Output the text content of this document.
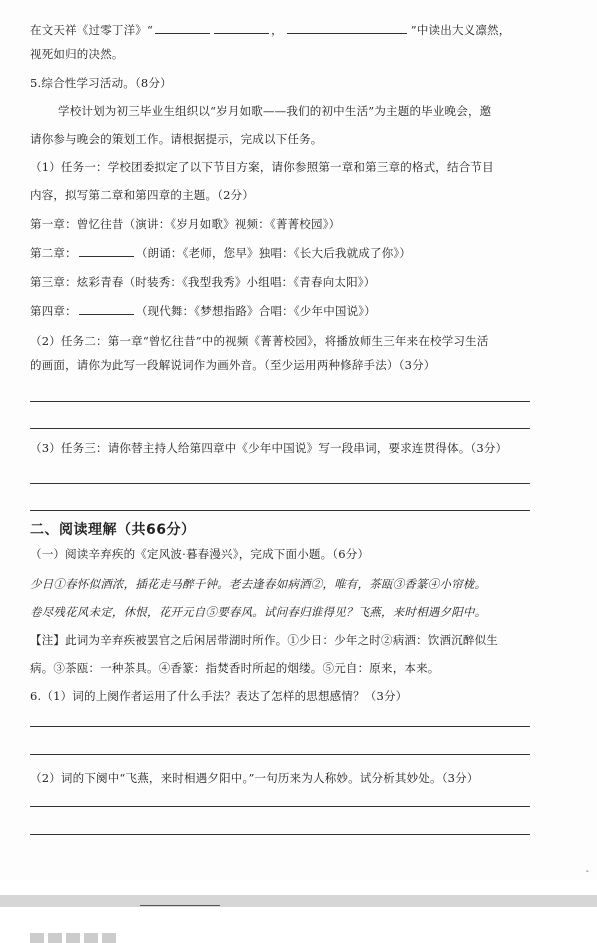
在文天祥《过零丁洋》“	，	”中读出大义凛然，
视死如归的决然。
5.综合性学习活动。（8分）
学校计划为初三毕业生组织以“岁月如歌——我们的初中生活”为主题的毕业晚会，邀
请你参与晚会的策划工作。请根据提示，完成以下任务。
（1）任务一：学校团委拟定了以下节目方案，请你参照第一章和第三章的格式，结合节目
内容，拟写第二章和第四章的主题。（2分）
第一章：曾忆往昔（演讲：《岁月如歌》视频：《菁菁校园》）
第二章：	（朗诵：《老师，您早》独唱：《长大后我就成了你》）
第三章：炫彩青春（时装秀：《我型我秀》小组唱：《青春向太阳》）
第四章：	（现代舞：《梦想指路》合唱：《少年中国说》）
（2）任务二：第一章“曾忆往昔”中的视频《菁菁校园》，将播放师生三年来在校学习生活
的画面，请你为此写一段解说词作为画外音。（至少运用两种修辞手法）（3分）
（3）任务三：请你替主持人给第四章中《少年中国说》写一段串词，要求连贯得体。（3分）
二、阅读理解（共66分）
（一）阅读辛弃疾的《定风波·暮春漫兴》，完成下面小题。（6分）
少日①春怀似酒浓，插花走马醉千钟。老去逢春如病酒②，唯有，茶瓯③香篆④小帘栊。
卷尽残花风未定，休恨，花开元自⑤要春风。试问春归谁得见？飞燕，来时相遇夕阳中。
【注】此词为辛弃疾被罢官之后闲居带湖时所作。①少日：少年之时②病酒：饮酒沉醉似生
病。③茶瓯：一种茶具。④香篆：指焚香时所起的烟缕。⑤元自：原来，本来。
6.（1）词的上阕作者运用了什么手法？表达了怎样的思想感情？（3分）
（2）词的下阕中“飞燕，来时相遇夕阳中。”一句历来为人称妙。试分析其妙处。（3分）
-
